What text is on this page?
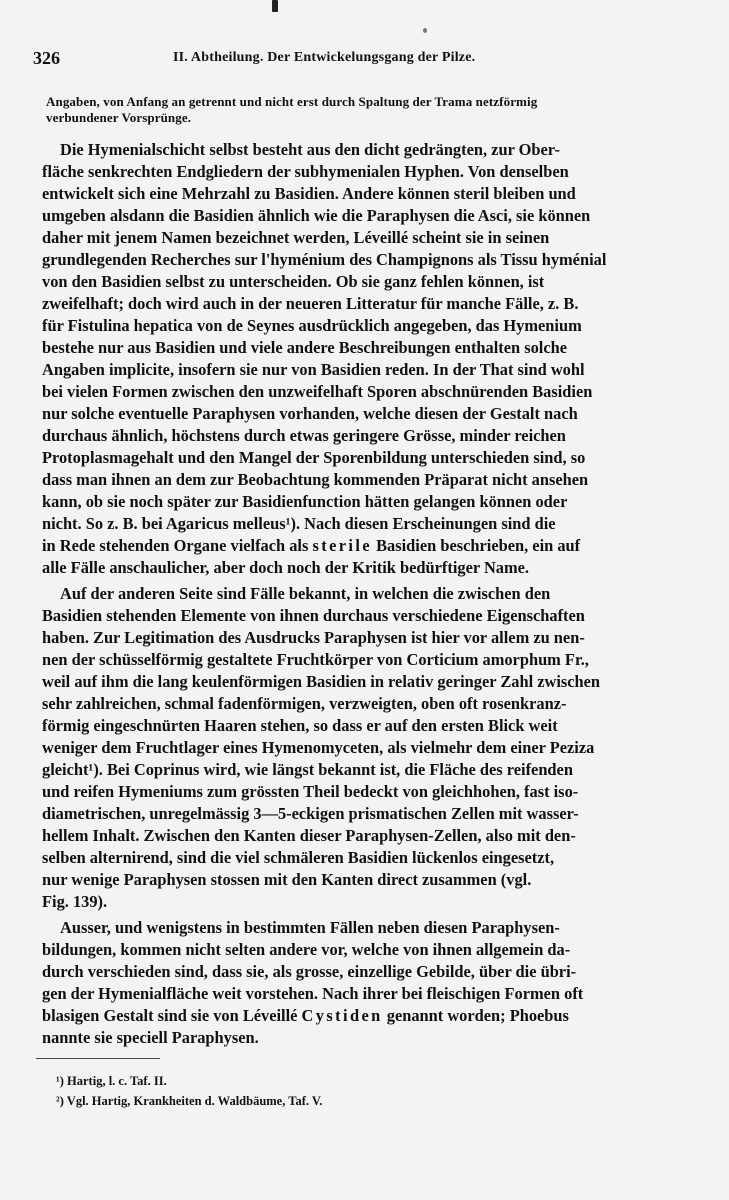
326	II. Abtheilung. Der Entwickelungsgang der Pilze.
Angaben, von Anfang an getrennt und nicht erst durch Spaltung der Trama netzförmig
verbundener Vorsprünge.
Die Hymenialschicht selbst besteht aus den dicht gedrängten, zur Ober-
fläche senkrechten Endgliedern der subhymenialen Hyphen. Von denselben
entwickelt sich eine Mehrzahl zu Basidien. Andere können steril bleiben und
umgeben alsdann die Basidien ähnlich wie die Paraphysen die Asci, sie können
daher mit jenem Namen bezeichnet werden, Léveillé scheint sie in seinen
grundlegenden Recherches sur l'hyménium des Champignons als Tissu hyménial
von den Basidien selbst zu unterscheiden. Ob sie ganz fehlen können, ist
zweifelhaft; doch wird auch in der neueren Litteratur für manche Fälle, z. B.
für Fistulina hepatica von de Seynes ausdrücklich angegeben, das Hymenium
bestehe nur aus Basidien und viele andere Beschreibungen enthalten solche
Angaben implicite, insofern sie nur von Basidien reden. In der That sind wohl
bei vielen Formen zwischen den unzweifelhaft Sporen abschnürenden Basidien
nur solche eventuelle Paraphysen vorhanden, welche diesen der Gestalt nach
durchaus ähnlich, höchstens durch etwas geringere Grösse, minder reichen
Protoplasmagehalt und den Mangel der Sporenbildung unterschieden sind, so
dass man ihnen an dem zur Beobachtung kommenden Präparat nicht ansehen
kann, ob sie noch später zur Basidienfunction hätten gelangen können oder
nicht. So z. B. bei Agaricus melleus¹). Nach diesen Erscheinungen sind die
in Rede stehenden Organe vielfach als sterile Basidien beschrieben, ein auf
alle Fälle anschaulicher, aber doch noch der Kritik bedürftiger Name.
Auf der anderen Seite sind Fälle bekannt, in welchen die zwischen den
Basidien stehenden Elemente von ihnen durchaus verschiedene Eigenschaften
haben. Zur Legitimation des Ausdrucks Paraphysen ist hier vor allem zu nen-
nen der schüsselförmig gestaltete Fruchtkörper von Corticium amorphum Fr.,
weil auf ihm die lang keulenförmigen Basidien in relativ geringer Zahl zwischen
sehr zahlreichen, schmal fadenförmigen, verzweigten, oben oft rosenkranz-
förmig eingeschnürten Haaren stehen, so dass er auf den ersten Blick weit
weniger dem Fruchtlager eines Hymenomyceten, als vielmehr dem einer Peziza
gleicht¹). Bei Coprinus wird, wie längst bekannt ist, die Fläche des reifenden
und reifen Hymeniums zum grössten Theil bedeckt von gleichhohen, fast iso-
diametrischen, unregelmässig 3—5-eckigen prismatischen Zellen mit wasser-
hellem Inhalt. Zwischen den Kanten dieser Paraphysen-Zellen, also mit den-
selben alternirend, sind die viel schmäleren Basidien lückenlos eingesetzt,
nur wenige Paraphysen stossen mit den Kanten direct zusammen (vgl.
Fig. 139).
Ausser, und wenigstens in bestimmten Fällen neben diesen Paraphysen-
bildungen, kommen nicht selten andere vor, welche von ihnen allgemein da-
durch verschieden sind, dass sie, als grosse, einzellige Gebilde, über die übri-
gen der Hymenialfläche weit vorstehen. Nach ihrer bei fleischigen Formen oft
blasigen Gestalt sind sie von Léveillé Cystiden genannt worden; Phoebus
nannte sie speciell Paraphysen.
¹) Hartig, l. c. Taf. II.
²) Vgl. Hartig, Krankheiten d. Waldbäume, Taf. V.
